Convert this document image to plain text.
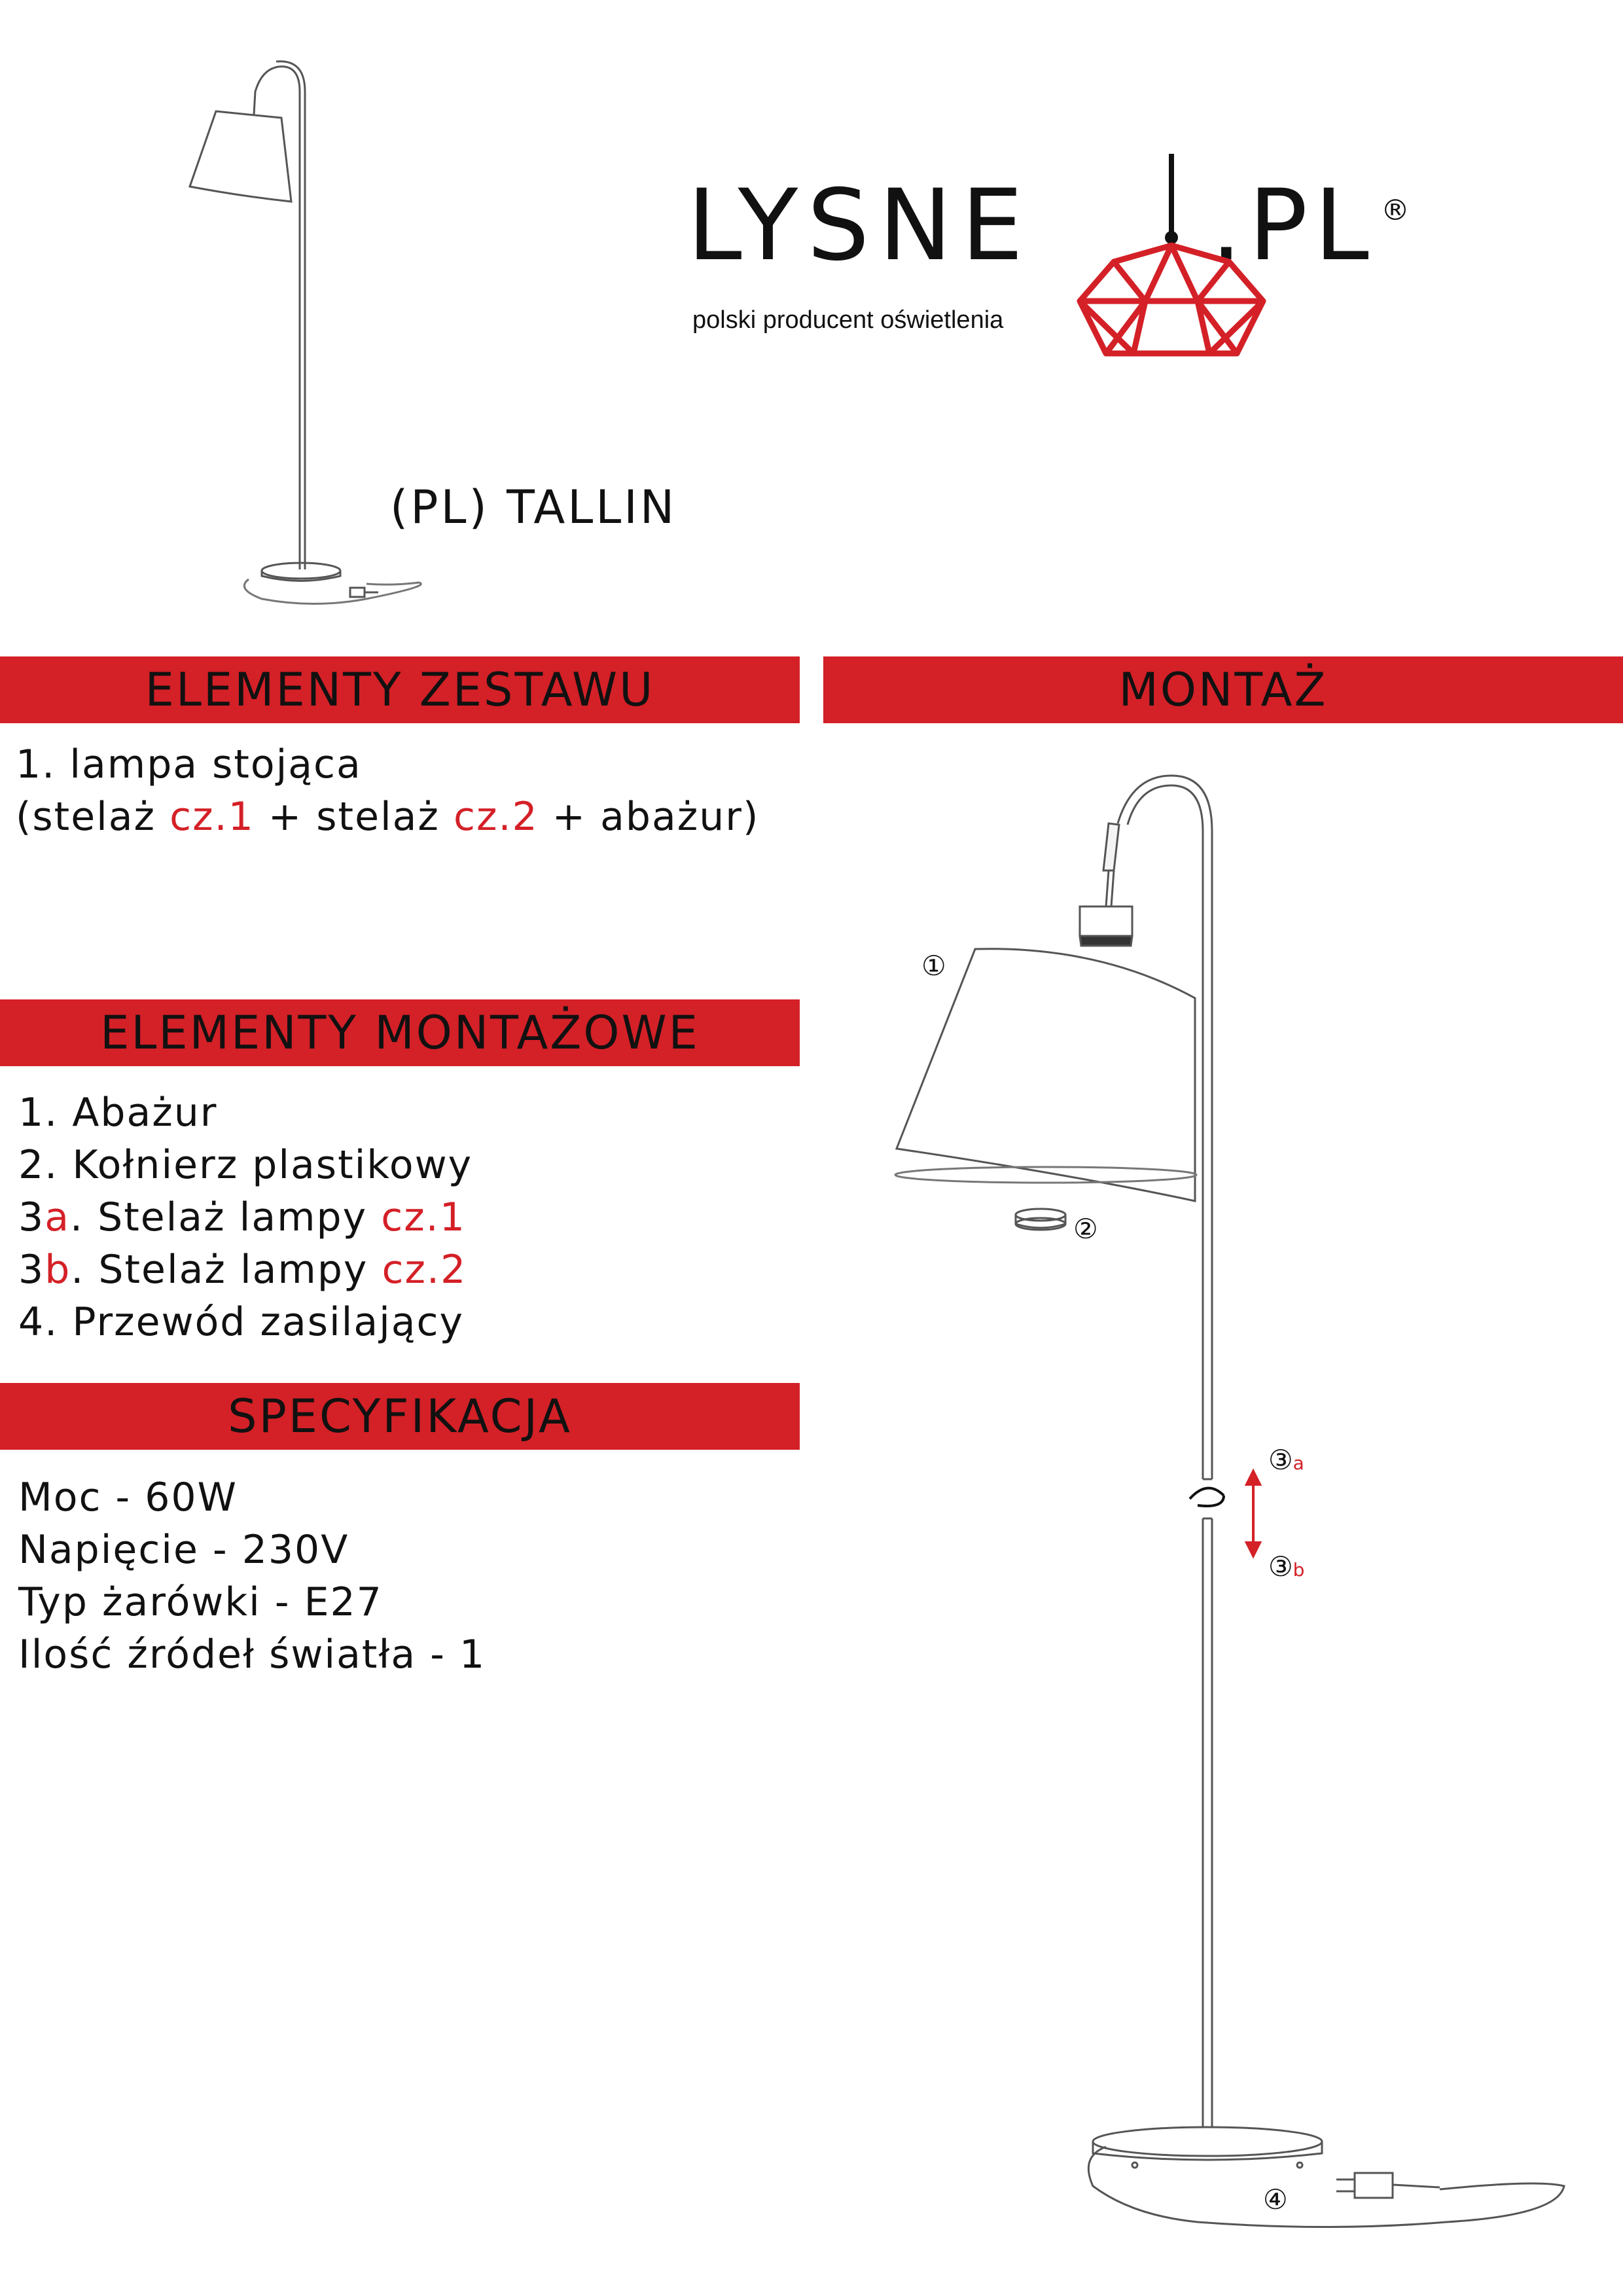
LYSNE .PL ®
polski producent oświetlenia
(PL) TALLIN
ELEMENTY ZESTAWU
1. lampa stojąca
(stelaż cz.1 + stelaż cz.2 + abażur)
MONTAŻ
ELEMENTY MONTAŻOWE
1. Abażur
2. Kołnierz plastikowy
3a. Stelaż lampy cz.1
3b. Stelaż lampy cz.2
4. Przewód zasilający
SPECYFIKACJA
Moc - 60W
Napięcie - 230V
Typ żarówki - E27
Ilość źródeł światła - 1
①
②
③a
③b
④
